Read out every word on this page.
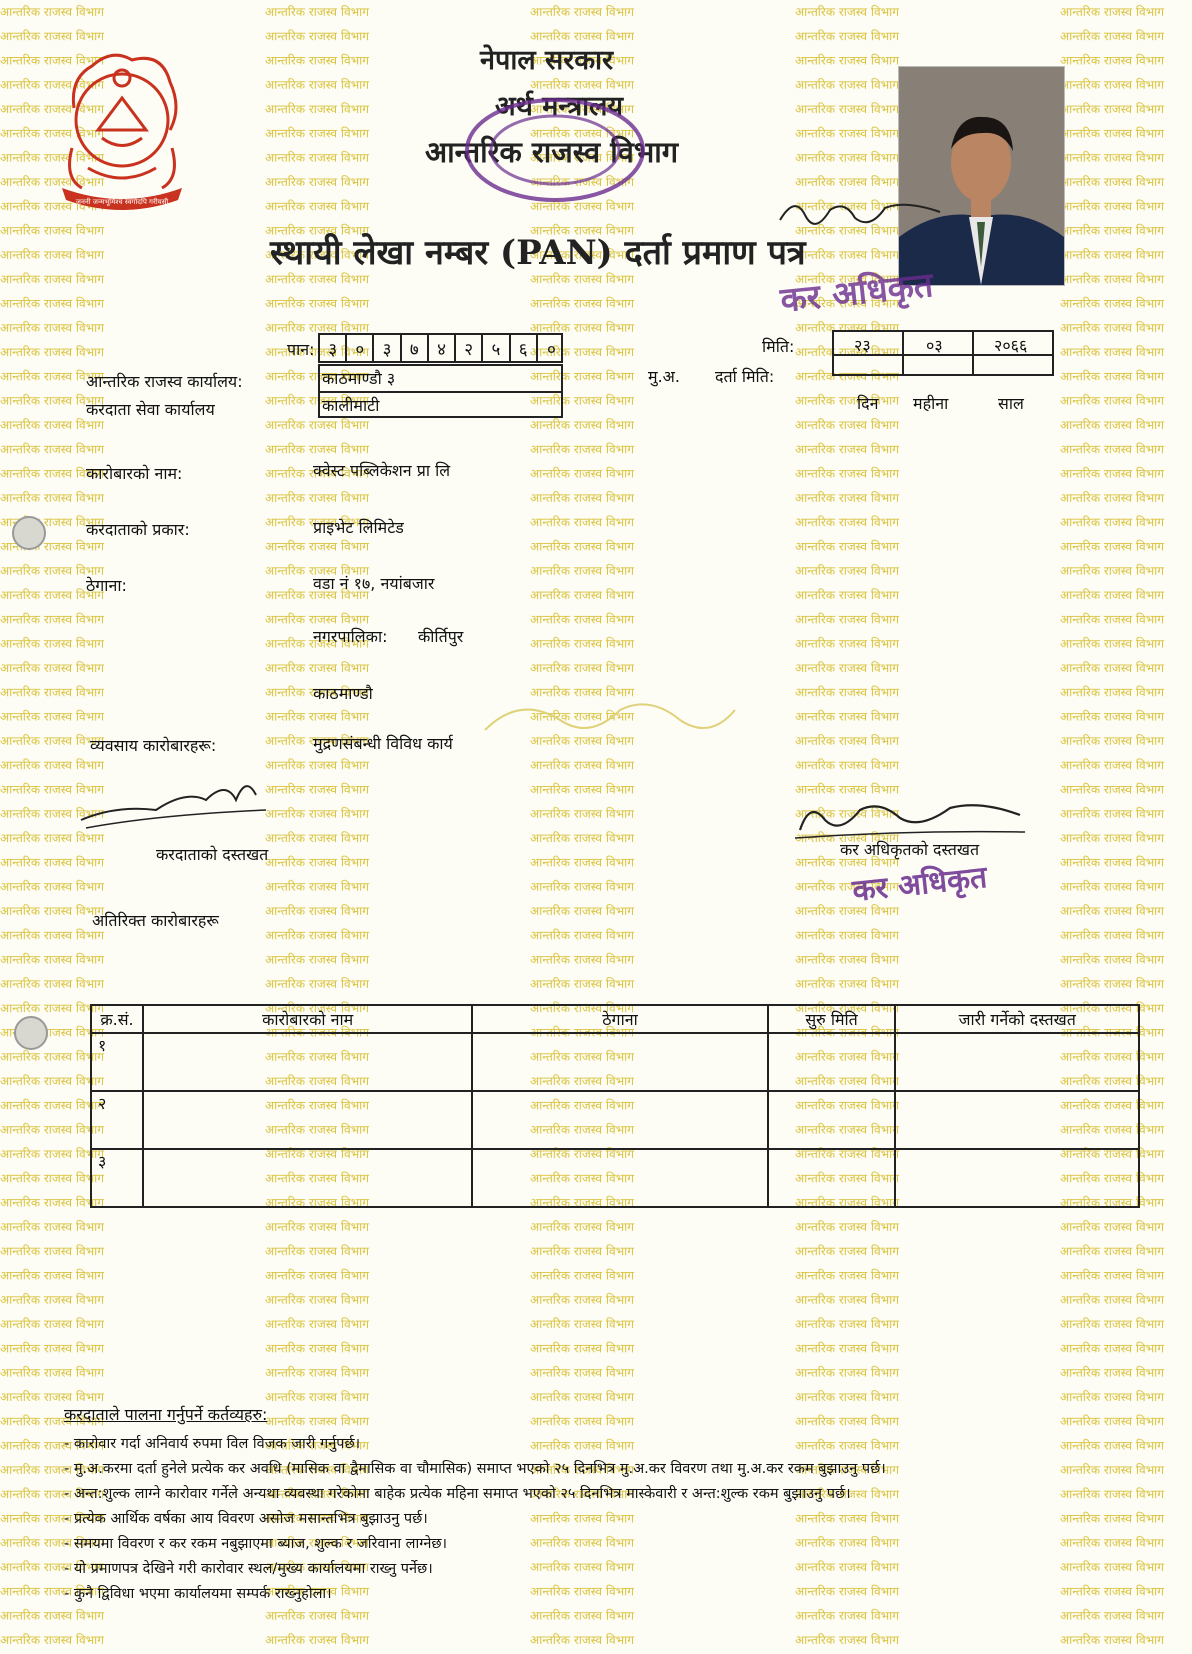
जननी जन्मभूमिश्च स्वर्गादपि गरीयसी
नेपाल सरकार
अर्थ मन्त्रालय
आन्तरिक राजस्व विभाग
स्थायी लेखा नम्बर (PAN) दर्ता प्रमाण पत्र
कर अधिकृत
पान: ३	०	३	७	४	२	५	६	०	मिति:	२३	०३	२०६६
मु.अ. दर्ता मिति:
दिन महीना	साल
आन्तरिक राजस्व कार्यालय:	काठमाण्डौ ३
करदाता सेवा कार्यालय	कालीमाटी
कारोबारको नाम:	क्वेस्ट पब्लिकेशन प्रा लि
करदाताको प्रकार:	प्राइभेट लिमिटेड
ठेगाना:	वडा नं १७, नयांबजार
नगरपालिका: कीर्तिपुर
काठमाण्डौ
व्यवसाय कारोबारहरू:	मुद्रणसंबन्धी विविध कार्य
करदाताको दस्तखत	कर अधिकृतको दस्तखत
कर अधिकृत
अतिरिक्त कारोबारहरू
क्र.सं.	कारोबारको नाम	ठेगाना	सुरु मिति	जारी गर्नेको दस्तखत
१				
२				
३				
करदाताले पालना गर्नुपर्ने कर्तव्यहरु:
- कारोवार गर्दा अनिवार्य रुपमा विल विजक जारी गर्नुपर्छ।
- मु.अ.करमा दर्ता हुनेले प्रत्येक कर अवधि (मासिक वा द्वैमासिक वा चौमासिक) समाप्त भएको २५ दिनभित्र मु.अ.कर विवरण तथा मु.अ.कर रकम बुझाउनु पर्छ।
- अन्त:शुल्क लाग्ने कारोवार गर्नेले अन्यथा व्यवस्था गरेकोमा बाहेक प्रत्येक महिना समाप्त भएको २५ दिनभित्र मास्केवारी र अन्त:शुल्क रकम बुझाउनु पर्छ।
- प्रत्येक आर्थिक वर्षका आय विवरण असोज मसान्तभित्र बुझाउनु पर्छ।
- समयमा विवरण र कर रकम नबुझाएमा ब्याज, शुल्क र जरिवाना लाग्नेछ।
- यो प्रमाणपत्र देखिने गरी कारोवार स्थल/मुख्य कार्यालयमा राख्नु पर्नेछ।
- कुनै द्विविधा भएमा कार्यालयमा सम्पर्क राख्नुहोला।
